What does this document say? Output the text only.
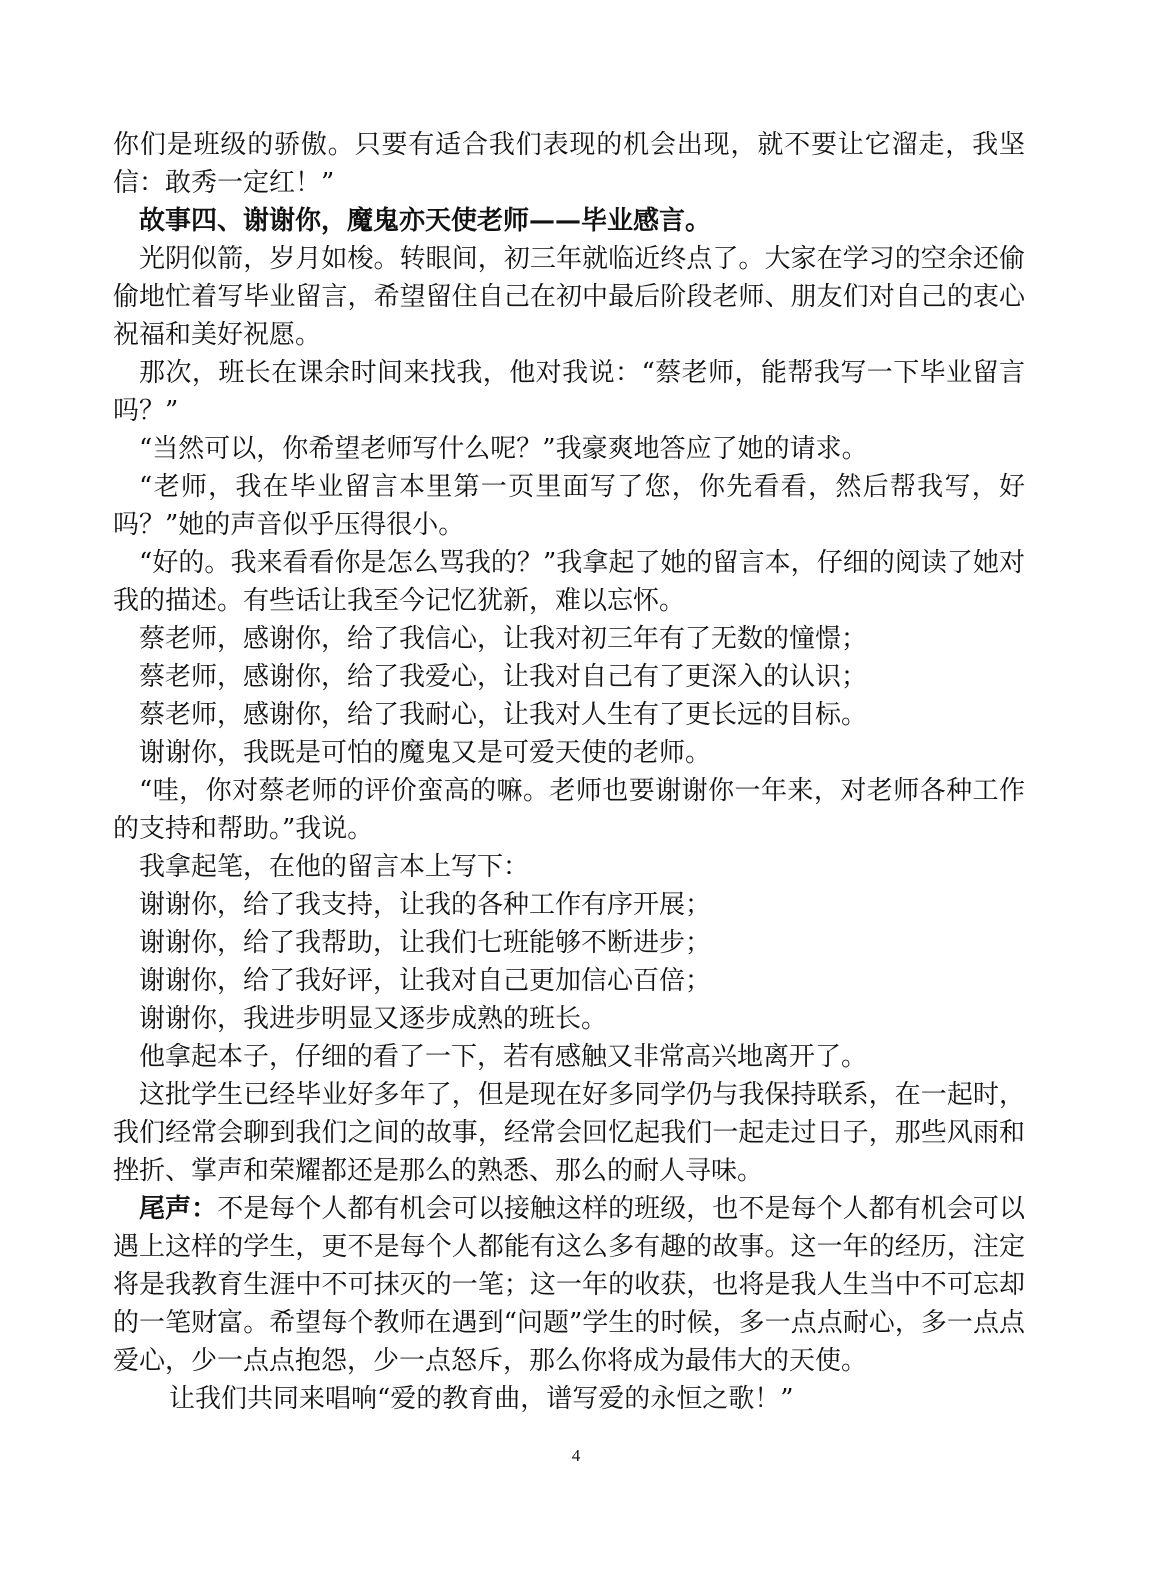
你们是班级的骄傲。只要有适合我们表现的机会出现，就不要让它溜走，我坚信：敢秀一定红！”

故事四、谢谢你，魔鬼亦天使老师——毕业感言。

光阴似箭，岁月如梭。转眼间，初三年就临近终点了。大家在学习的空余还偷偷地忙着写毕业留言，希望留住自己在初中最后阶段老师、朋友们对自己的衷心祝福和美好祝愿。

那次，班长在课余时间来找我，他对我说：“蔡老师，能帮我写一下毕业留言吗？”

“当然可以，你希望老师写什么呢？”我豪爽地答应了她的请求。

“老师，我在毕业留言本里第一页里面写了您，你先看看，然后帮我写，好吗？”她的声音似乎压得很小。

“好的。我来看看你是怎么骂我的？”我拿起了她的留言本，仔细的阅读了她对我的描述。有些话让我至今记忆犹新，难以忘怀。

蔡老师，感谢你，给了我信心，让我对初三年有了无数的憧憬；

蔡老师，感谢你，给了我爱心，让我对自己有了更深入的认识；

蔡老师，感谢你，给了我耐心，让我对人生有了更长远的目标。

谢谢你，我既是可怕的魔鬼又是可爱天使的老师。

“哇，你对蔡老师的评价蛮高的嘛。老师也要谢谢你一年来，对老师各种工作的支持和帮助。”我说。

我拿起笔，在他的留言本上写下：

谢谢你，给了我支持，让我的各种工作有序开展；

谢谢你，给了我帮助，让我们七班能够不断进步；

谢谢你，给了我好评，让我对自己更加信心百倍；

谢谢你，我进步明显又逐步成熟的班长。

他拿起本子，仔细的看了一下，若有感触又非常高兴地离开了。

这批学生已经毕业好多年了，但是现在好多同学仍与我保持联系，在一起时，我们经常会聊到我们之间的故事，经常会回忆起我们一起走过日子，那些风雨和挫折、掌声和荣耀都还是那么的熟悉、那么的耐人寻味。

尾声：不是每个人都有机会可以接触这样的班级，也不是每个人都有机会可以遇上这样的学生，更不是每个人都能有这么多有趣的故事。这一年的经历，注定将是我教育生涯中不可抹灭的一笔；这一年的收获，也将是我人生当中不可忘却的一笔财富。希望每个教师在遇到“问题”学生的时候，多一点点耐心，多一点点爱心，少一点点抱怨，少一点怒斥，那么你将成为最伟大的天使。

让我们共同来唱响“爱的教育曲，谱写爱的永恒之歌！”

4
